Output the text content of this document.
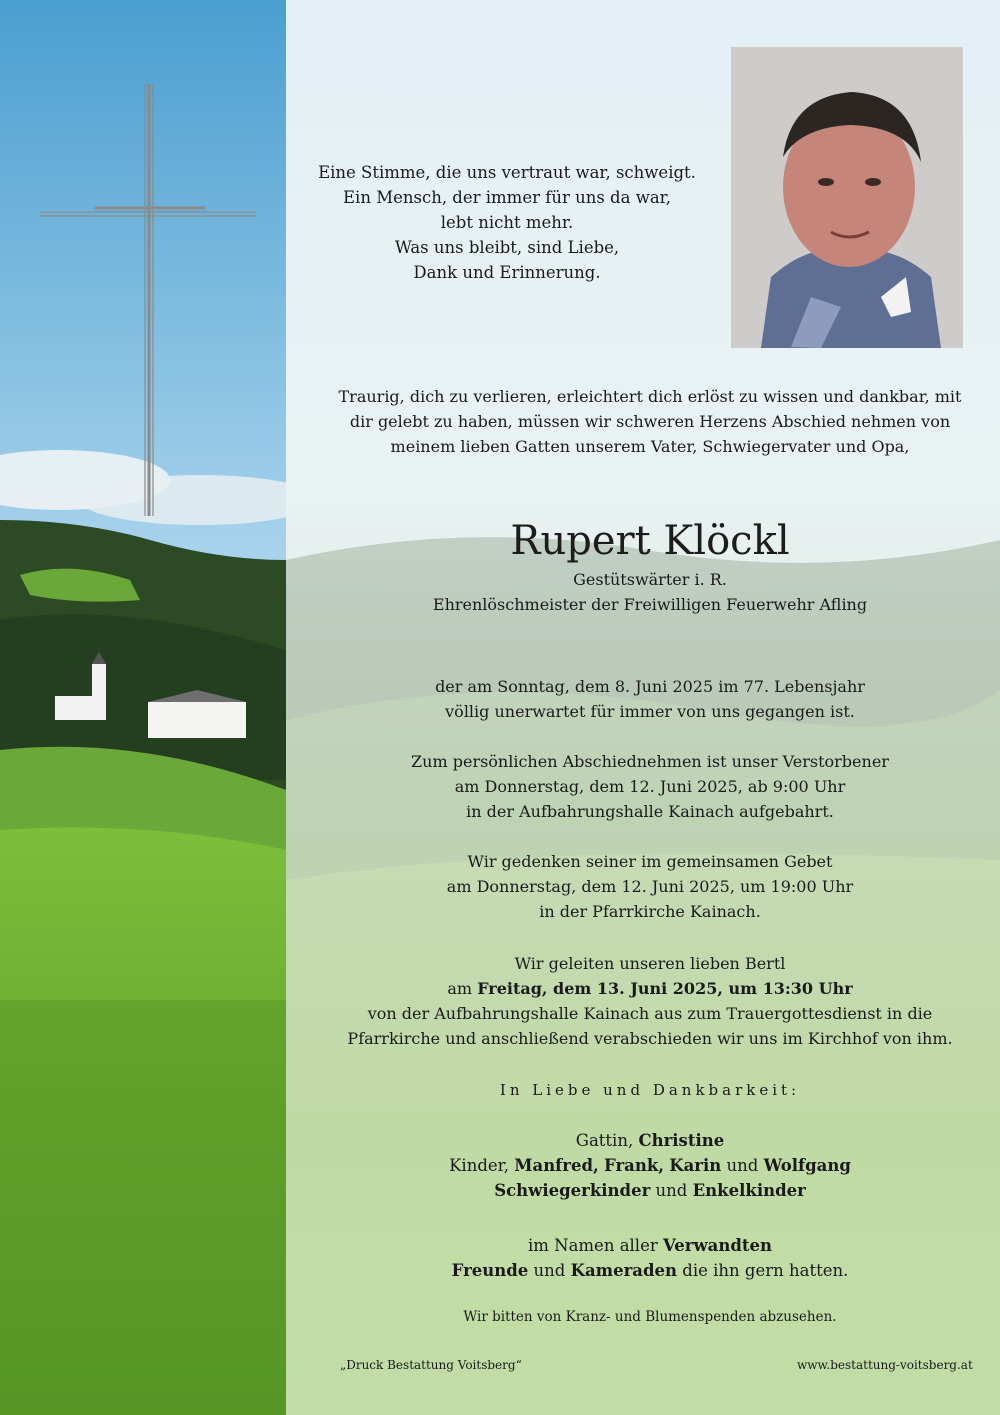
Eine Stimme, die uns vertraut war, schweigt.
Ein Mensch, der immer für uns da war,
lebt nicht mehr.
Was uns bleibt, sind Liebe,
Dank und Erinnerung.
Traurig, dich zu verlieren, erleichtert dich erlöst zu wissen und dankbar, mit
dir gelebt zu haben, müssen wir schweren Herzens Abschied nehmen von
meinem lieben Gatten unserem Vater, Schwiegervater und Opa,
Rupert Klöckl
Gestütswärter i. R.
Ehrenlöschmeister der Freiwilligen Feuerwehr Afling
der am Sonntag, dem 8. Juni 2025 im 77. Lebensjahr
völlig unerwartet für immer von uns gegangen ist.
Zum persönlichen Abschiednehmen ist unser Verstorbener
am Donnerstag, dem 12. Juni 2025, ab 9:00 Uhr
in der Aufbahrungshalle Kainach aufgebahrt.
Wir gedenken seiner im gemeinsamen Gebet
am Donnerstag, dem 12. Juni 2025, um 19:00 Uhr
in der Pfarrkirche Kainach.
Wir geleiten unseren lieben Bertl
am Freitag, dem 13. Juni 2025, um 13:30 Uhr
von der Aufbahrungshalle Kainach aus zum Trauergottesdienst in die
Pfarrkirche und anschließend verabschieden wir uns im Kirchhof von ihm.
In Liebe und Dankbarkeit:
Gattin, Christine
Kinder, Manfred, Frank, Karin und Wolfgang
Schwiegerkinder und Enkelkinder
im Namen aller Verwandten
Freunde und Kameraden die ihn gern hatten.
Wir bitten von Kranz- und Blumenspenden abzusehen.
„Druck Bestattung Voitsberg“	www.bestattung-voitsberg.at
